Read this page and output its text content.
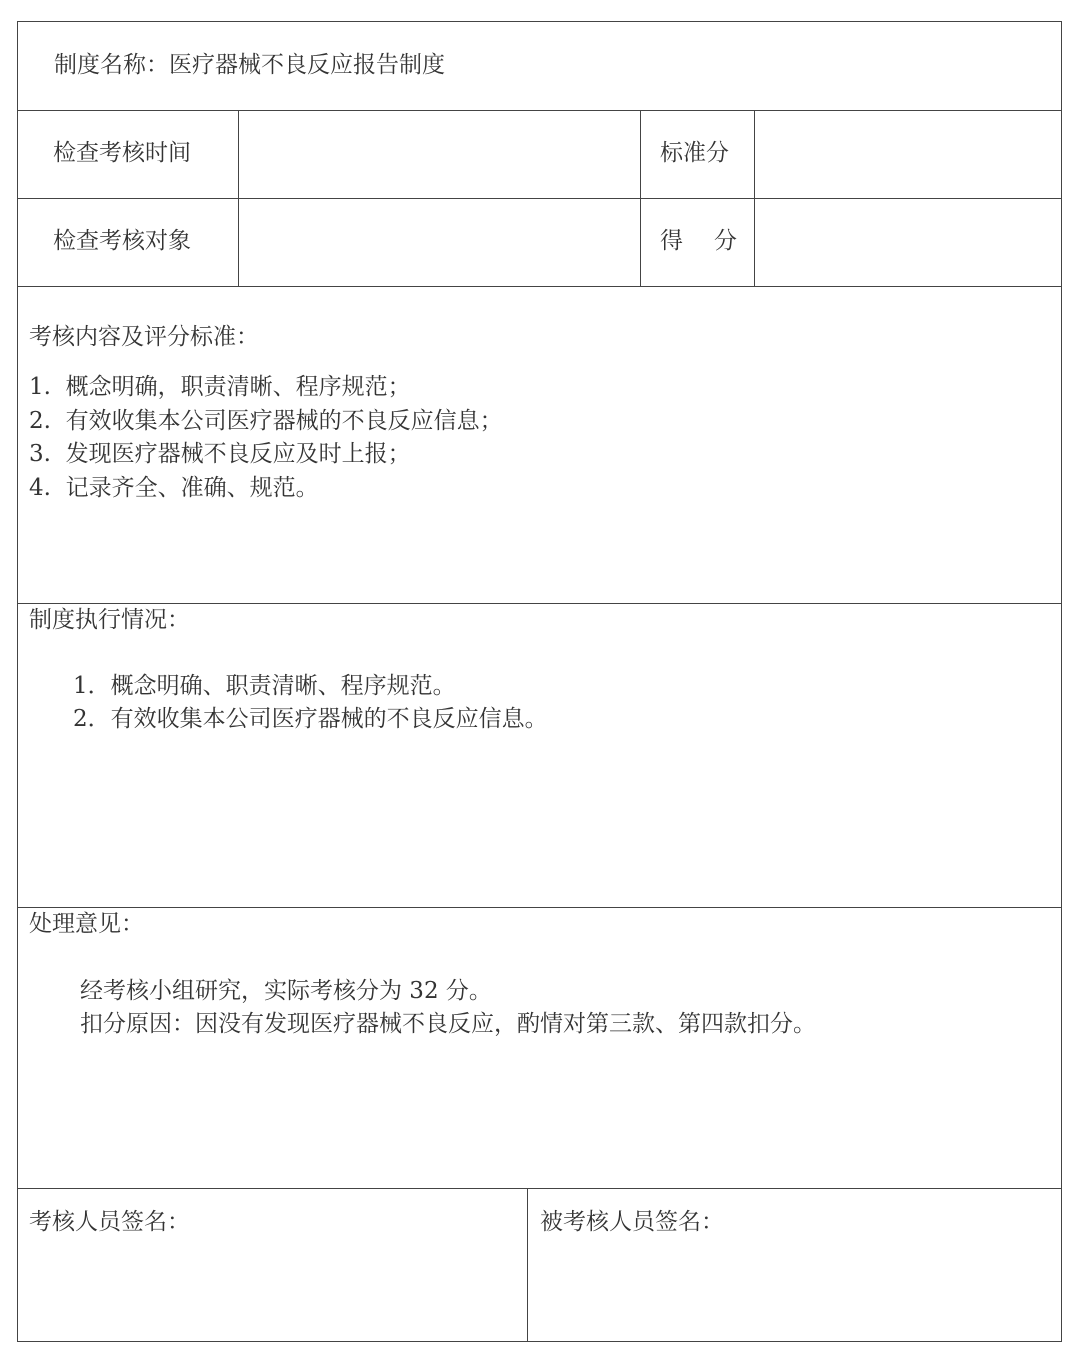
制度名称：医疗器械不良反应报告制度
检查考核时间	标准分
检查考核对象	得　分
考核内容及评分标准：
1.  概念明确，职责清晰、程序规范；
2.  有效收集本公司医疗器械的不良反应信息；
3.  发现医疗器械不良反应及时上报；
4.  记录齐全、准确、规范。
制度执行情况：
1．概念明确、职责清晰、程序规范。
2．有效收集本公司医疗器械的不良反应信息。
处理意见：
经考核小组研究，实际考核分为 32 分。
扣分原因：因没有发现医疗器械不良反应，酌情对第三款、第四款扣分。
考核人员签名：	被考核人员签名：
